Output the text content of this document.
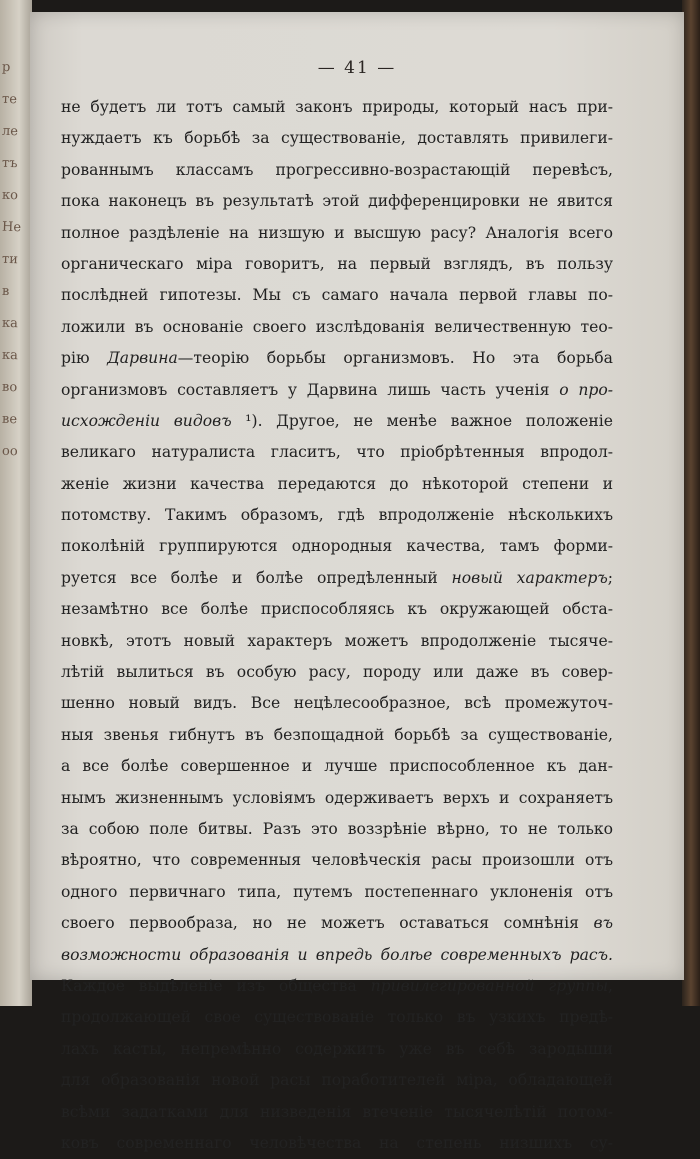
р
те
ле
тъ
ко
Не
ти
в
ка
ка
во
ве
оо
— 41 —
не будетъ ли тотъ самый законъ природы, который насъ при-
нуждаетъ къ борьбѣ за существованіе, доставлять привилеги-
рованнымъ классамъ прогрессивно-возрастающій перевѣсъ,
пока наконецъ въ результатѣ этой дифференцировки не явится
полное раздѣленіе на низшую и высшую расу? Аналогія всего
органическаго міра говоритъ, на первый взглядъ, въ пользу
послѣдней гипотезы. Мы съ самаго начала первой главы по-
ложили въ основаніе своего изслѣдованія величественную тео-
рію Дарвина—теорію борьбы организмовъ. Но эта борьба
организмовъ составляетъ у Дарвина лишь часть ученія о про-
исхожденіи видовъ ¹). Другое, не менѣе важное положеніе
великаго натуралиста гласитъ, что пріобрѣтенныя впродол-
женіе жизни качества передаются до нѣкоторой степени и
потомству. Такимъ образомъ, гдѣ впродолженіе нѣсколькихъ
поколѣній группируются однородныя качества, тамъ форми-
руется все болѣе и болѣе опредѣленный новый характеръ;
незамѣтно все болѣе приспособляясь къ окружающей обста-
новкѣ, этотъ новый характеръ можетъ впродолженіе тысяче-
лѣтій вылиться въ особую расу, породу или даже въ совер-
шенно новый видъ. Все нецѣлесообразное, всѣ промежуточ-
ныя звенья гибнутъ въ безпощадной борьбѣ за существованіе,
а все болѣе совершенное и лучше приспособленное къ дан-
нымъ жизненнымъ условіямъ одерживаетъ верхъ и сохраняетъ
за собою поле битвы. Разъ это воззрѣніе вѣрно, то не только
вѣроятно, что современныя человѣческія расы произошли отъ
одного первичнаго типа, путемъ постепеннаго уклоненія отъ
своего первообраза, но не можетъ оставаться сомнѣнія въ
возможности образованія и впредь болѣе современныхъ расъ.
Каждое выдѣленіе изъ общества привилегированной группы,
продолжающей свое существованіе только въ узкихъ предѣ-
лахъ касты, непремѣнно содержитъ уже въ себѣ зародыши
для образованія новой расы поработителей міра, обладающей
всѣми задатками для низведенія втеченіе тысячелѣтій потом-
ковъ современнаго человѣчества на степень низшихъ су-
